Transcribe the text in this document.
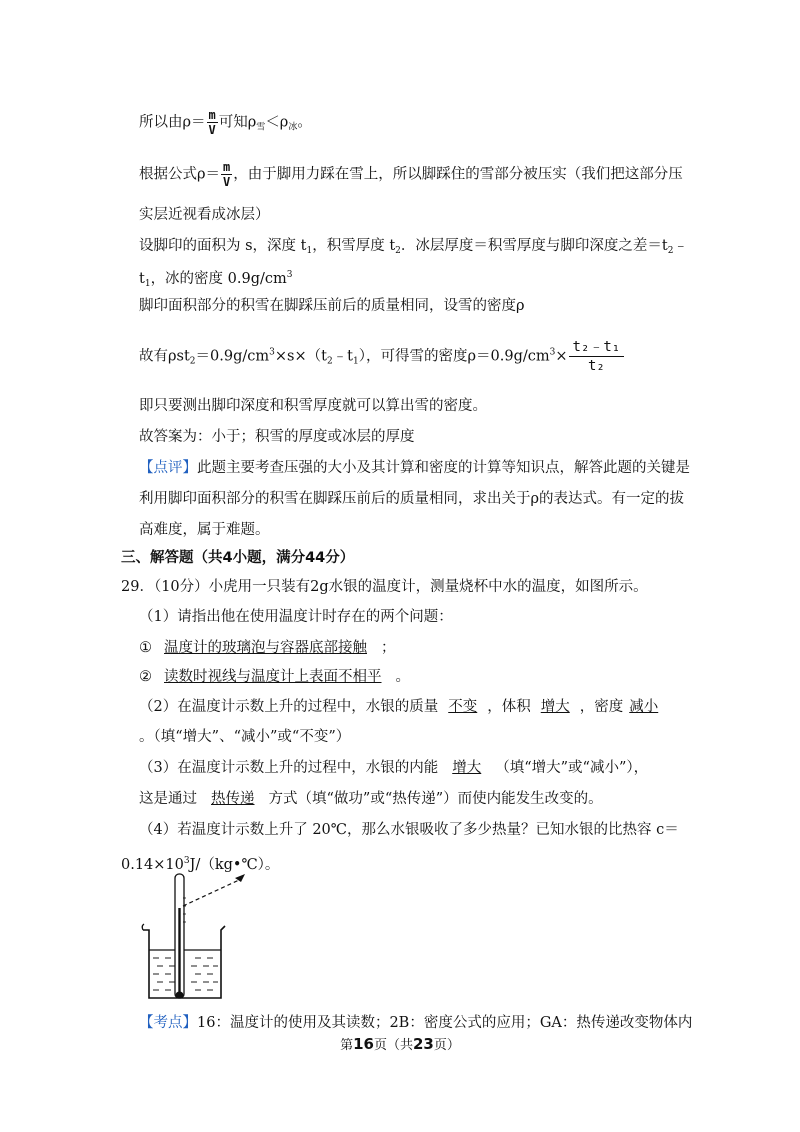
所以由$\rho= \frac{m}{V}$ 可知$\rho_雪<\rho_冰$。
根据公式$\rho= \frac{m}{V}$ ，由于脚用力踩在雪上，所以脚踩住的雪部分被压实（我们把这部分压
实层近视看成冰层）
设脚印的面积为 s，深度 $t_1$，积雪厚度 $t_2$．冰层厚度＝积雪厚度与脚印深度之差$=t_2﹣$
$t_1$，冰的密度 $0.9g/cm^3$
脚印面积部分的积雪在脚踩压前后的质量相同，设雪的密度ρ
故有$\rho st_2=0.9g/cm^3\times s\times(t_2﹣t_1)$，可得雪的密度$\rho=0.9g/cm^3\times \frac{\text{t₂﹣t₁}}{\text{t₂}}$
即只要测出脚印深度和积雪厚度就可以算出雪的密度。
故答案为：小于；积雪的厚度或冰层的厚度
【点评】此题主要考查压强的大小及其计算和密度的计算等知识点，解答此题的关键是
利用脚印面积部分的积雪在脚踩压前后的质量相同，求出关于ρ的表达式。有一定的拔
高难度，属于难题。
三、解答题（共4小题，满分44分）
29．（10分）小虎用一只装有2g水银的温度计，测量烧杯中水的温度，如图所示。
（1）请指出他在使用温度计时存在的两个问题：
① 温度计的玻璃泡与容器底部接触 ；
② 读数时视线与温度计上表面不相平 。
（2）在温度计示数上升的过程中，水银的质量 不变 ，体积 增大 ，密度 减小
。（填“增大”、“减小”或“不变”）
（3）在温度计示数上升的过程中，水银的内能 增大 （填“增大”或“减小”），
这是通过 热传递 方式（填“做功”或“热传递”）而使内能发生改变的。
（4）若温度计示数上升了 20℃，那么水银吸收了多少热量？已知水银的比热容 c＝
$0.14\times 10^3J/(kg•℃)$。
【考点】16：温度计的使用及其读数；2B：密度公式的应用；GA：热传递改变物体内
第16页（共23页）
